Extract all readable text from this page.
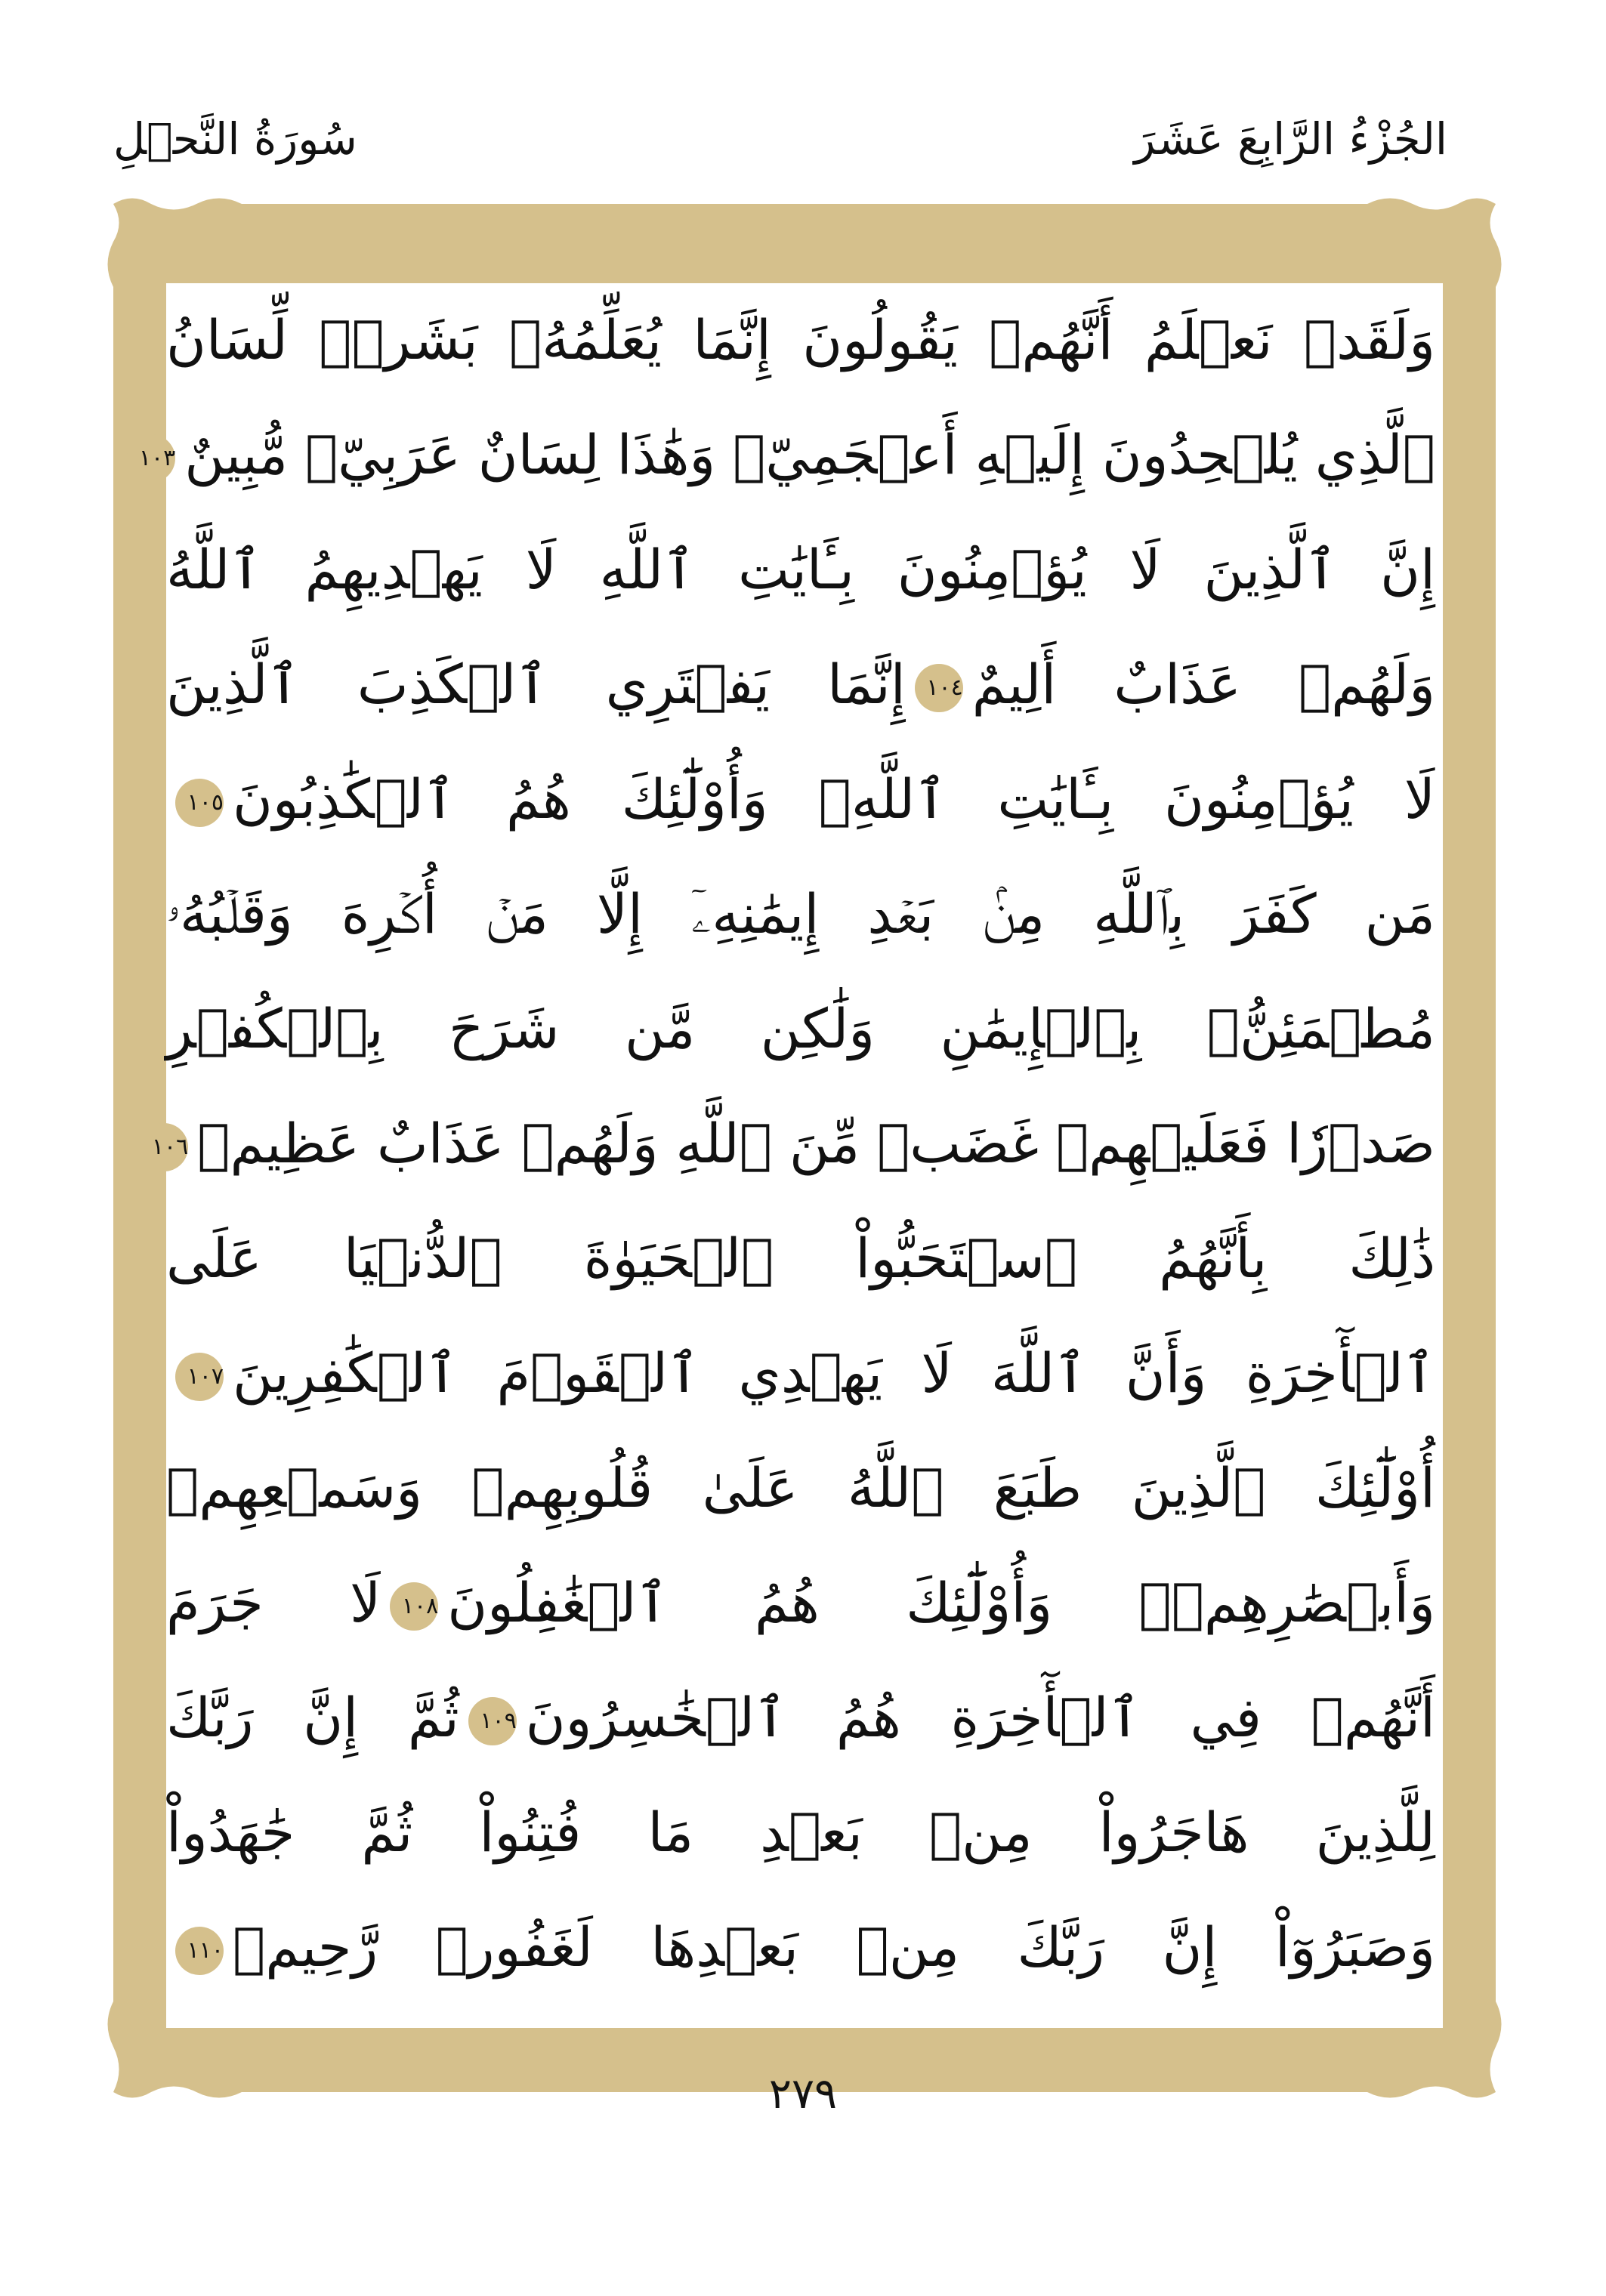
الجُزْءُ الرَّابِعَ عَشَرَ
سُورَةُ النَّحۡلِ
وَلَقَدۡ نَعۡلَمُ أَنَّهُمۡ يَقُولُونَ إِنَّمَا يُعَلِّمُهُۥ بَشَرٞۗ لِّسَانُ
ٱلَّذِي يُلۡحِدُونَ إِلَيۡهِ أَعۡجَمِيّٞ وَهَٰذَا لِسَانٌ عَرَبِيّٞ مُّبِينٌ١٠٣
إِنَّ ٱلَّذِينَ لَا يُؤۡمِنُونَ بِـَٔايَٰتِ ٱللَّهِ لَا يَهۡدِيهِمُ ٱللَّهُ
وَلَهُمۡ عَذَابٌ أَلِيمٌ١٠٤إِنَّمَا يَفۡتَرِي ٱلۡكَذِبَ ٱلَّذِينَ
لَا يُؤۡمِنُونَ بِـَٔايَٰتِ ٱللَّهِۖ وَأُوْلَٰٓئِكَ هُمُ ٱلۡكَٰذِبُونَ١٠٥
مَن كَفَرَ بِٱللَّهِ مِنۢ بَعۡدِ إِيمَٰنِهِۦٓ إِلَّا مَنۡ أُكۡرِهَ وَقَلۡبُهُۥ
مُطۡمَئِنُّۢ بِٱلۡإِيمَٰنِ وَلَٰكِن مَّن شَرَحَ بِٱلۡكُفۡرِ
صَدۡرٗا فَعَلَيۡهِمۡ غَضَبٞ مِّنَ ٱللَّهِ وَلَهُمۡ عَذَابٌ عَظِيمٞ١٠٦
ذَٰلِكَ بِأَنَّهُمُ ٱسۡتَحَبُّواْ ٱلۡحَيَوٰةَ ٱلدُّنۡيَا عَلَى
ٱلۡأٓخِرَةِ وَأَنَّ ٱللَّهَ لَا يَهۡدِي ٱلۡقَوۡمَ ٱلۡكَٰفِرِينَ١٠٧
أُوْلَٰٓئِكَ ٱلَّذِينَ طَبَعَ ٱللَّهُ عَلَىٰ قُلُوبِهِمۡ وَسَمۡعِهِمۡ
وَأَبۡصَٰرِهِمۡۖ وَأُوْلَٰٓئِكَ هُمُ ٱلۡغَٰفِلُونَ١٠٨لَا جَرَمَ
أَنَّهُمۡ فِي ٱلۡأٓخِرَةِ هُمُ ٱلۡخَٰسِرُونَ١٠٩ثُمَّ إِنَّ رَبَّكَ
لِلَّذِينَ هَاجَرُواْ مِنۢ بَعۡدِ مَا فُتِنُواْ ثُمَّ جَٰهَدُواْ
وَصَبَرُوٓاْ إِنَّ رَبَّكَ مِنۢ بَعۡدِهَا لَغَفُورٞ رَّحِيمٞ١١٠
٢٧٩
